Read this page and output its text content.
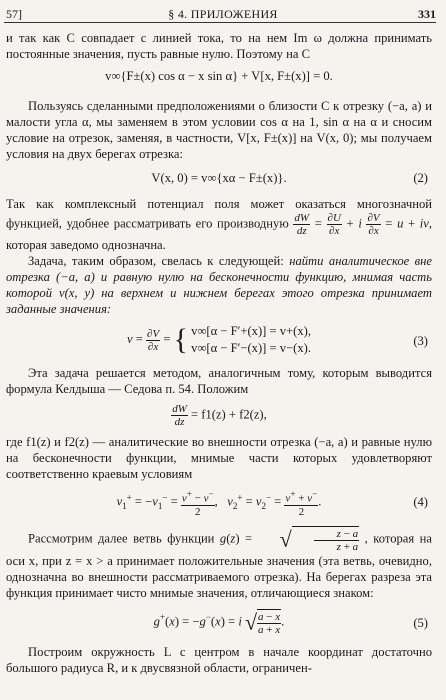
57]	§ 4. ПРИЛОЖЕНИЯ	331

и так как C совпадает с линией тока, то на нем Im ω должна принимать постоянные значения, пусть равные нулю. Поэтому на C

v∞{F±(x) cos α − x sin α} + V[x, F±(x)] = 0.

Пользуясь сделанными предположениями о близости C к отрезку (−a, a) и малости угла α, мы заменяем в этом условии cos α на 1, sin α на α и сносим условие на отрезок, заменяя, в частности, V[x, F±(x)] на V(x, 0); мы получаем условия на двух берегах отрезка:

V(x, 0) = v∞{xα − F±(x)}.	(2)

Так как комплексный потенциал поля может оказаться многозначной функцией, удобнее рассматривать его производную $\frac{dW}{dz} = \frac{\partial U}{\partial x} + i \frac{\partial V}{\partial x} = u$ + iv, которая заведомо однозначна.

Задача, таким образом, свелась к следующей: найти аналитическое вне отрезка (−a, a) и равную нулю на бесконечности функцию, мнимая часть которой v(x, y) на верхнем и нижнем берегах этого отрезка принимает заданные значения:

$v = \frac{\partial V}{\partial x}$ = { v∞[α − F′+(x)] = v+(x),
v∞[α − F′−(x)] = v−(x).	(3)

Эта задача решается методом, аналогичным тому, которым выводится формула Келдыша — Седова п. 54. Положим

$\frac{dW}{dz} = f1(z) + f2(z)$,

где f1(z) и f2(z) — аналитические во внешности отрезка (−a, a) и равные нулю на бесконечности функции, мнимые части которых удовлетворяют соответственно краевым условиям

$v_1^+ = -v_1^- = \frac{v^+ - v^-}{2}$ ,   $v_2^+ = v_2^- = \frac{v^+ + v^-}{2}$ .	(4)

Рассмотрим далее ветвь функции g(z) = √ $\frac{z - a}{z + a}$ , которая на оси x, при z = x > a принимает положительные значения (эта ветвь, очевидно, однозначна во внешности рассматриваемого отрезка). На берегах разреза эта функция принимает чисто мнимые значения, отличающиеся знаком:

g+(x) = −g−(x) = i √ $\frac{a - x}{a + x}$ .	(5)

Построим окружность L с центром в начале координат достаточно большого радиуса R, и к двусвязной области, ограничен-
